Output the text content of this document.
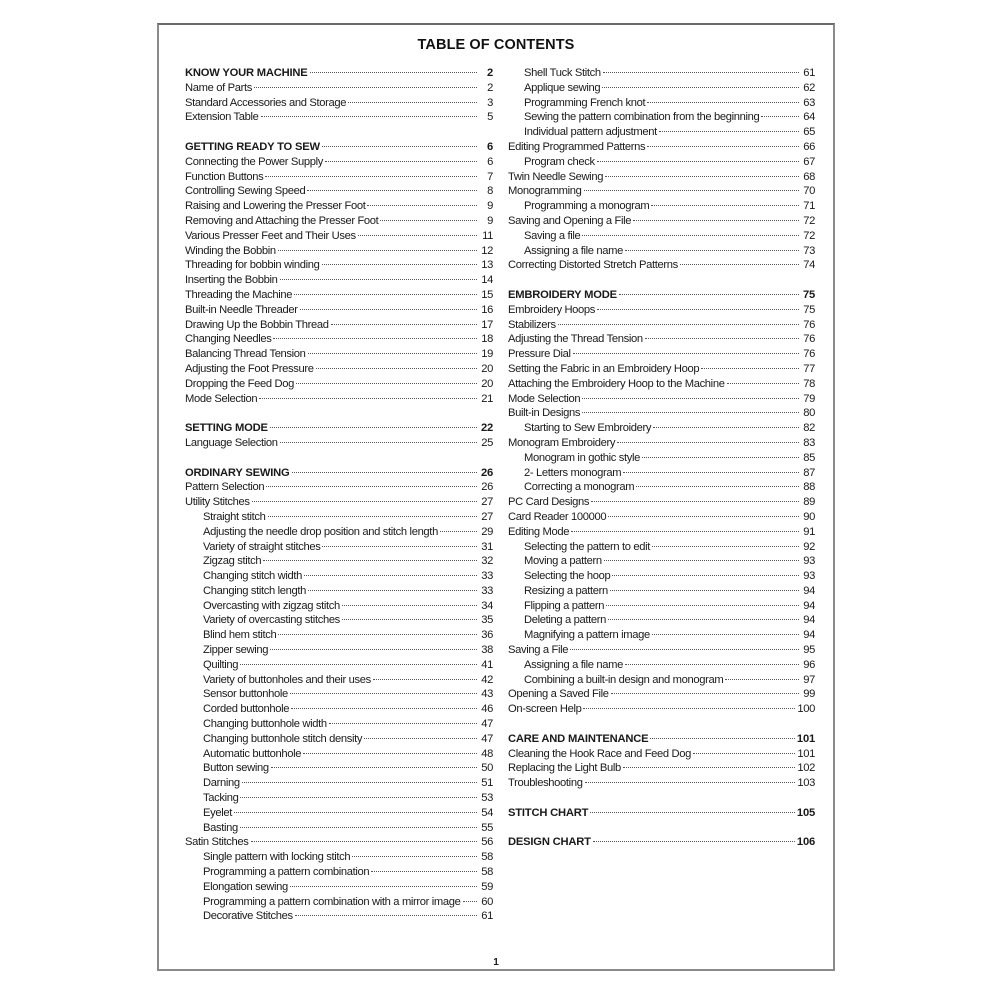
TABLE OF CONTENTS
KNOW YOUR MACHINE	2
Name of Parts	2
Standard Accessories and Storage	3
Extension Table	5
GETTING READY TO SEW	6
Connecting the Power Supply	6
Function Buttons	7
Controlling Sewing Speed	8
Raising and Lowering the Presser Foot	9
Removing and Attaching the Presser Foot	9
Various Presser Feet and Their Uses	11
Winding the Bobbin	12
Threading for bobbin winding	13
Inserting the Bobbin	14
Threading the Machine	15
Built-in Needle Threader	16
Drawing Up the Bobbin Thread	17
Changing Needles	18
Balancing Thread Tension	19
Adjusting the Foot Pressure	20
Dropping the Feed Dog	20
Mode Selection	21
SETTING MODE	22
Language Selection	25
ORDINARY SEWING	26
Pattern Selection	26
Utility Stitches	27
Straight stitch	27
Adjusting the needle drop position and stitch length	29
Variety of straight stitches	31
Zigzag stitch	32
Changing stitch width	33
Changing stitch length	33
Overcasting with zigzag stitch	34
Variety of overcasting stitches	35
Blind hem stitch	36
Zipper sewing	38
Quilting	41
Variety of buttonholes and their uses	42
Sensor buttonhole	43
Corded buttonhole	46
Changing buttonhole width	47
Changing buttonhole stitch density	47
Automatic buttonhole	48
Button sewing	50
Darning	51
Tacking	53
Eyelet	54
Basting	55
Satin Stitches	56
Single pattern with locking stitch	58
Programming a pattern combination	58
Elongation sewing	59
Programming a pattern combination with a mirror image 60
Decorative Stitches	61
Shell Tuck Stitch	61
Applique sewing	62
Programming French knot	63
Sewing the pattern combination from the beginning	64
Individual pattern adjustment	65
Editing Programmed Patterns	66
Program check	67
Twin Needle Sewing	68
Monogramming	70
Programming a monogram	71
Saving and Opening a File	72
Saving a file	72
Assigning a file name	73
Correcting Distorted Stretch Patterns	74
EMBROIDERY MODE	75
Embroidery Hoops	75
Stabilizers	76
Adjusting the Thread Tension	76
Pressure Dial	76
Setting the Fabric in an Embroidery Hoop	77
Attaching the Embroidery Hoop to the Machine	78
Mode Selection	79
Built-in Designs	80
Starting to Sew Embroidery	82
Monogram Embroidery	83
Monogram in gothic style	85
2- Letters monogram	87
Correcting a monogram	88
PC Card Designs	89
Card Reader 100000	90
Editing Mode	91
Selecting the pattern to edit	92
Moving a pattern	93
Selecting the hoop	93
Resizing a pattern	94
Flipping a pattern	94
Deleting a pattern	94
Magnifying a pattern image	94
Saving a File	95
Assigning a file name	96
Combining a built-in design and monogram	97
Opening a Saved File	99
On-screen Help	100
CARE AND MAINTENANCE	101
Cleaning the Hook Race and Feed Dog	101
Replacing the Light Bulb	102
Troubleshooting	103
STITCH CHART	105
DESIGN CHART	106
1
